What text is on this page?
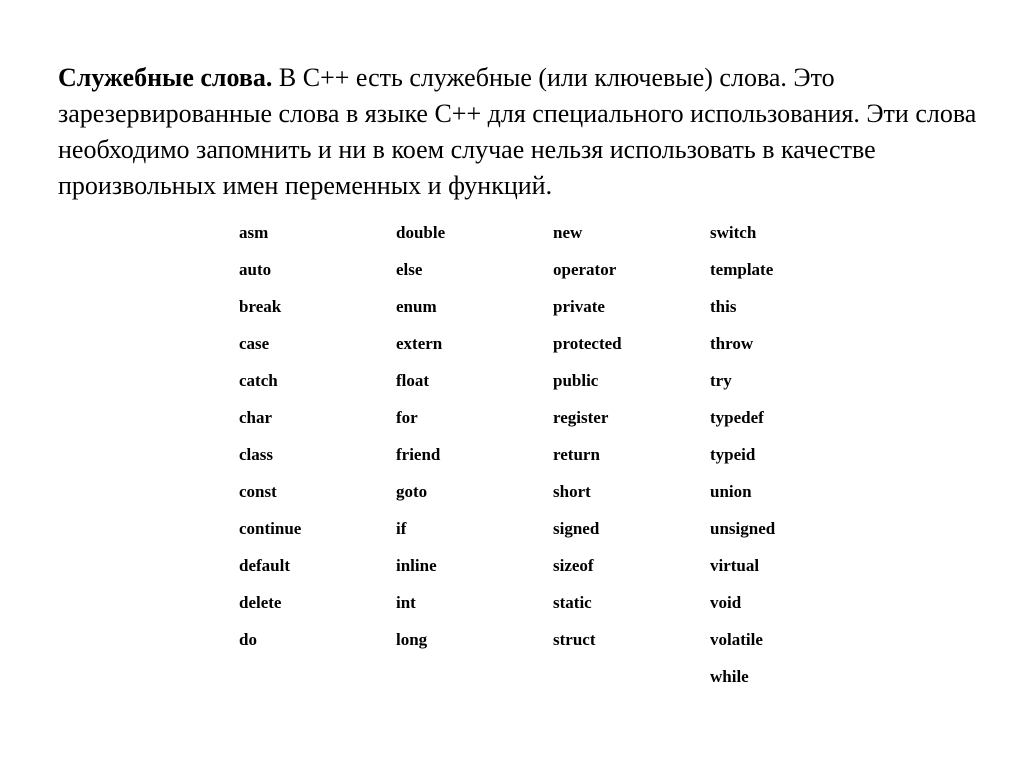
Служебные слова. В С++ есть служебные (или ключевые) слова. Это зарезервированные слова в языке С++ для специального использования. Эти слова необходимо запомнить и ни в коем случае нельзя использовать в качестве произвольных имен переменных и функций.

asm
auto
break
case
catch
char
class
const
continue
default
delete
do
double
else
enum
extern
float
for
friend
goto
if
inline
int
long
new
operator
private
protected
public
register
return
short
signed
sizeof
static
struct
switch
template
this
throw
try
typedef
typeid
union
unsigned
virtual
void
volatile
while
